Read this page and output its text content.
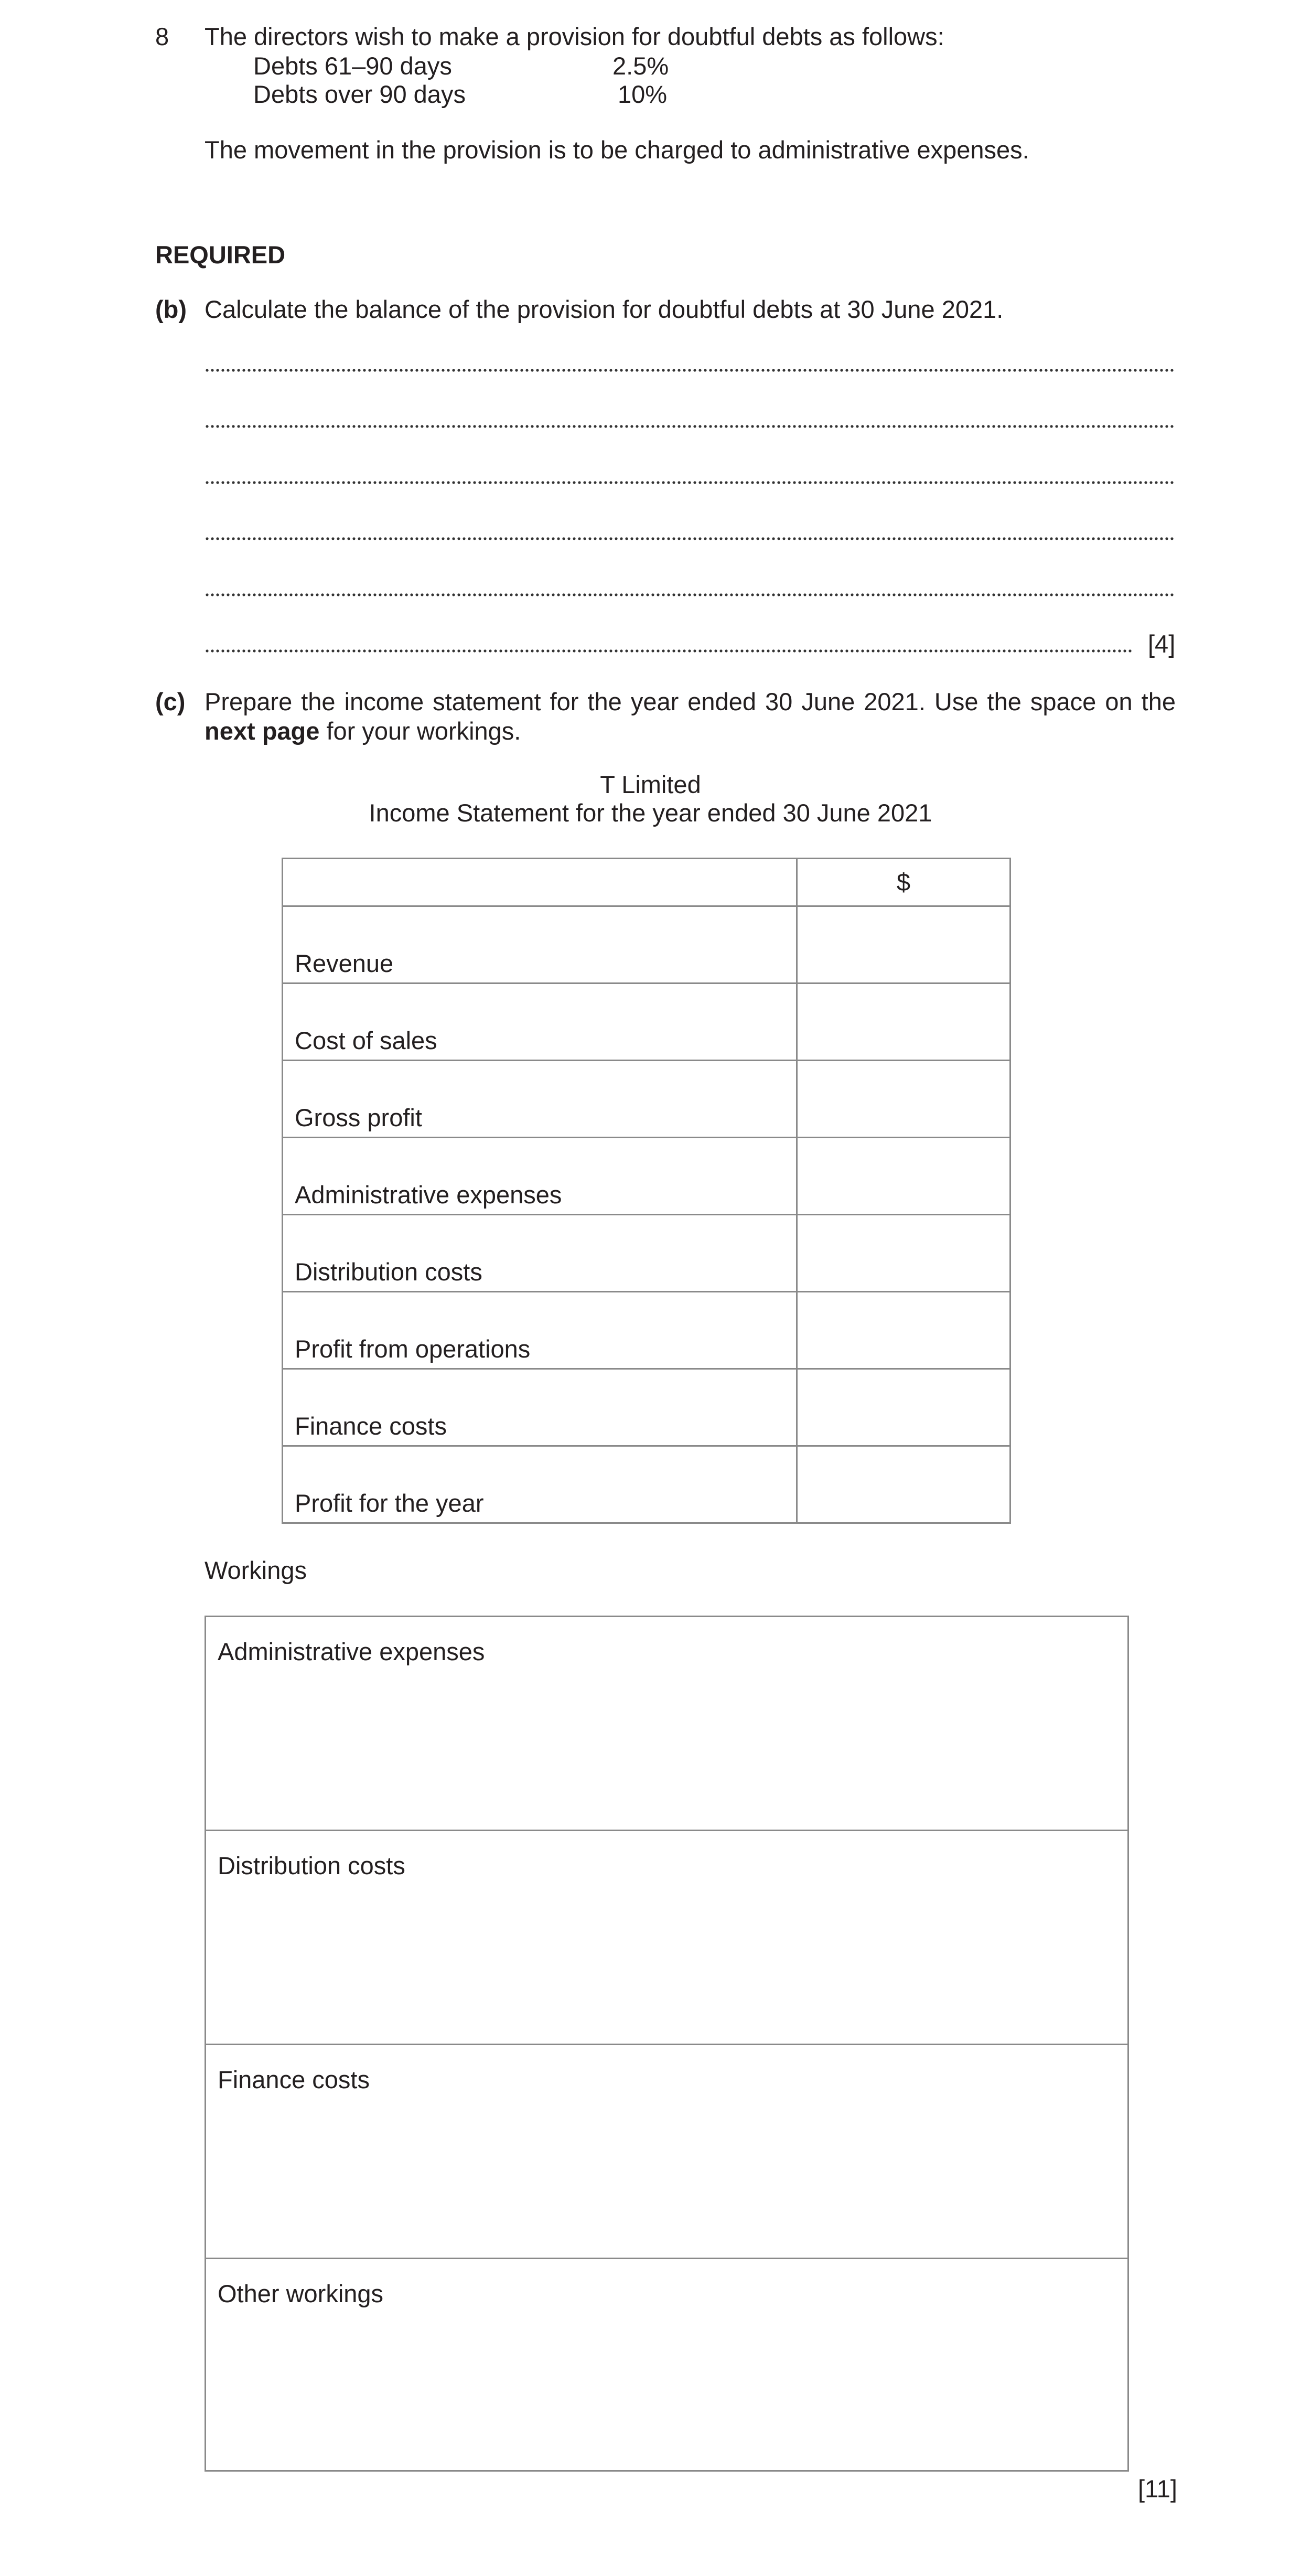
8 The directors wish to make a provision for doubtful debts as follows:
Debts 61–90 days	2.5%
Debts over 90 days	10%
The movement in the provision is to be charged to administrative expenses.
REQUIRED
(b) Calculate the balance of the provision for doubtful debts at 30 June 2021.
[4]
(c) Prepare the income statement for the year ended 30 June 2021. Use the space on the next page for your workings.
T Limited
Income Statement for the year ended 30 June 2021
	$
Revenue	
Cost of sales	
Gross profit	
Administrative expenses	
Distribution costs	
Profit from operations	
Finance costs	
Profit for the year	
Workings
Administrative expenses
Distribution costs
Finance costs
Other workings
[11]
